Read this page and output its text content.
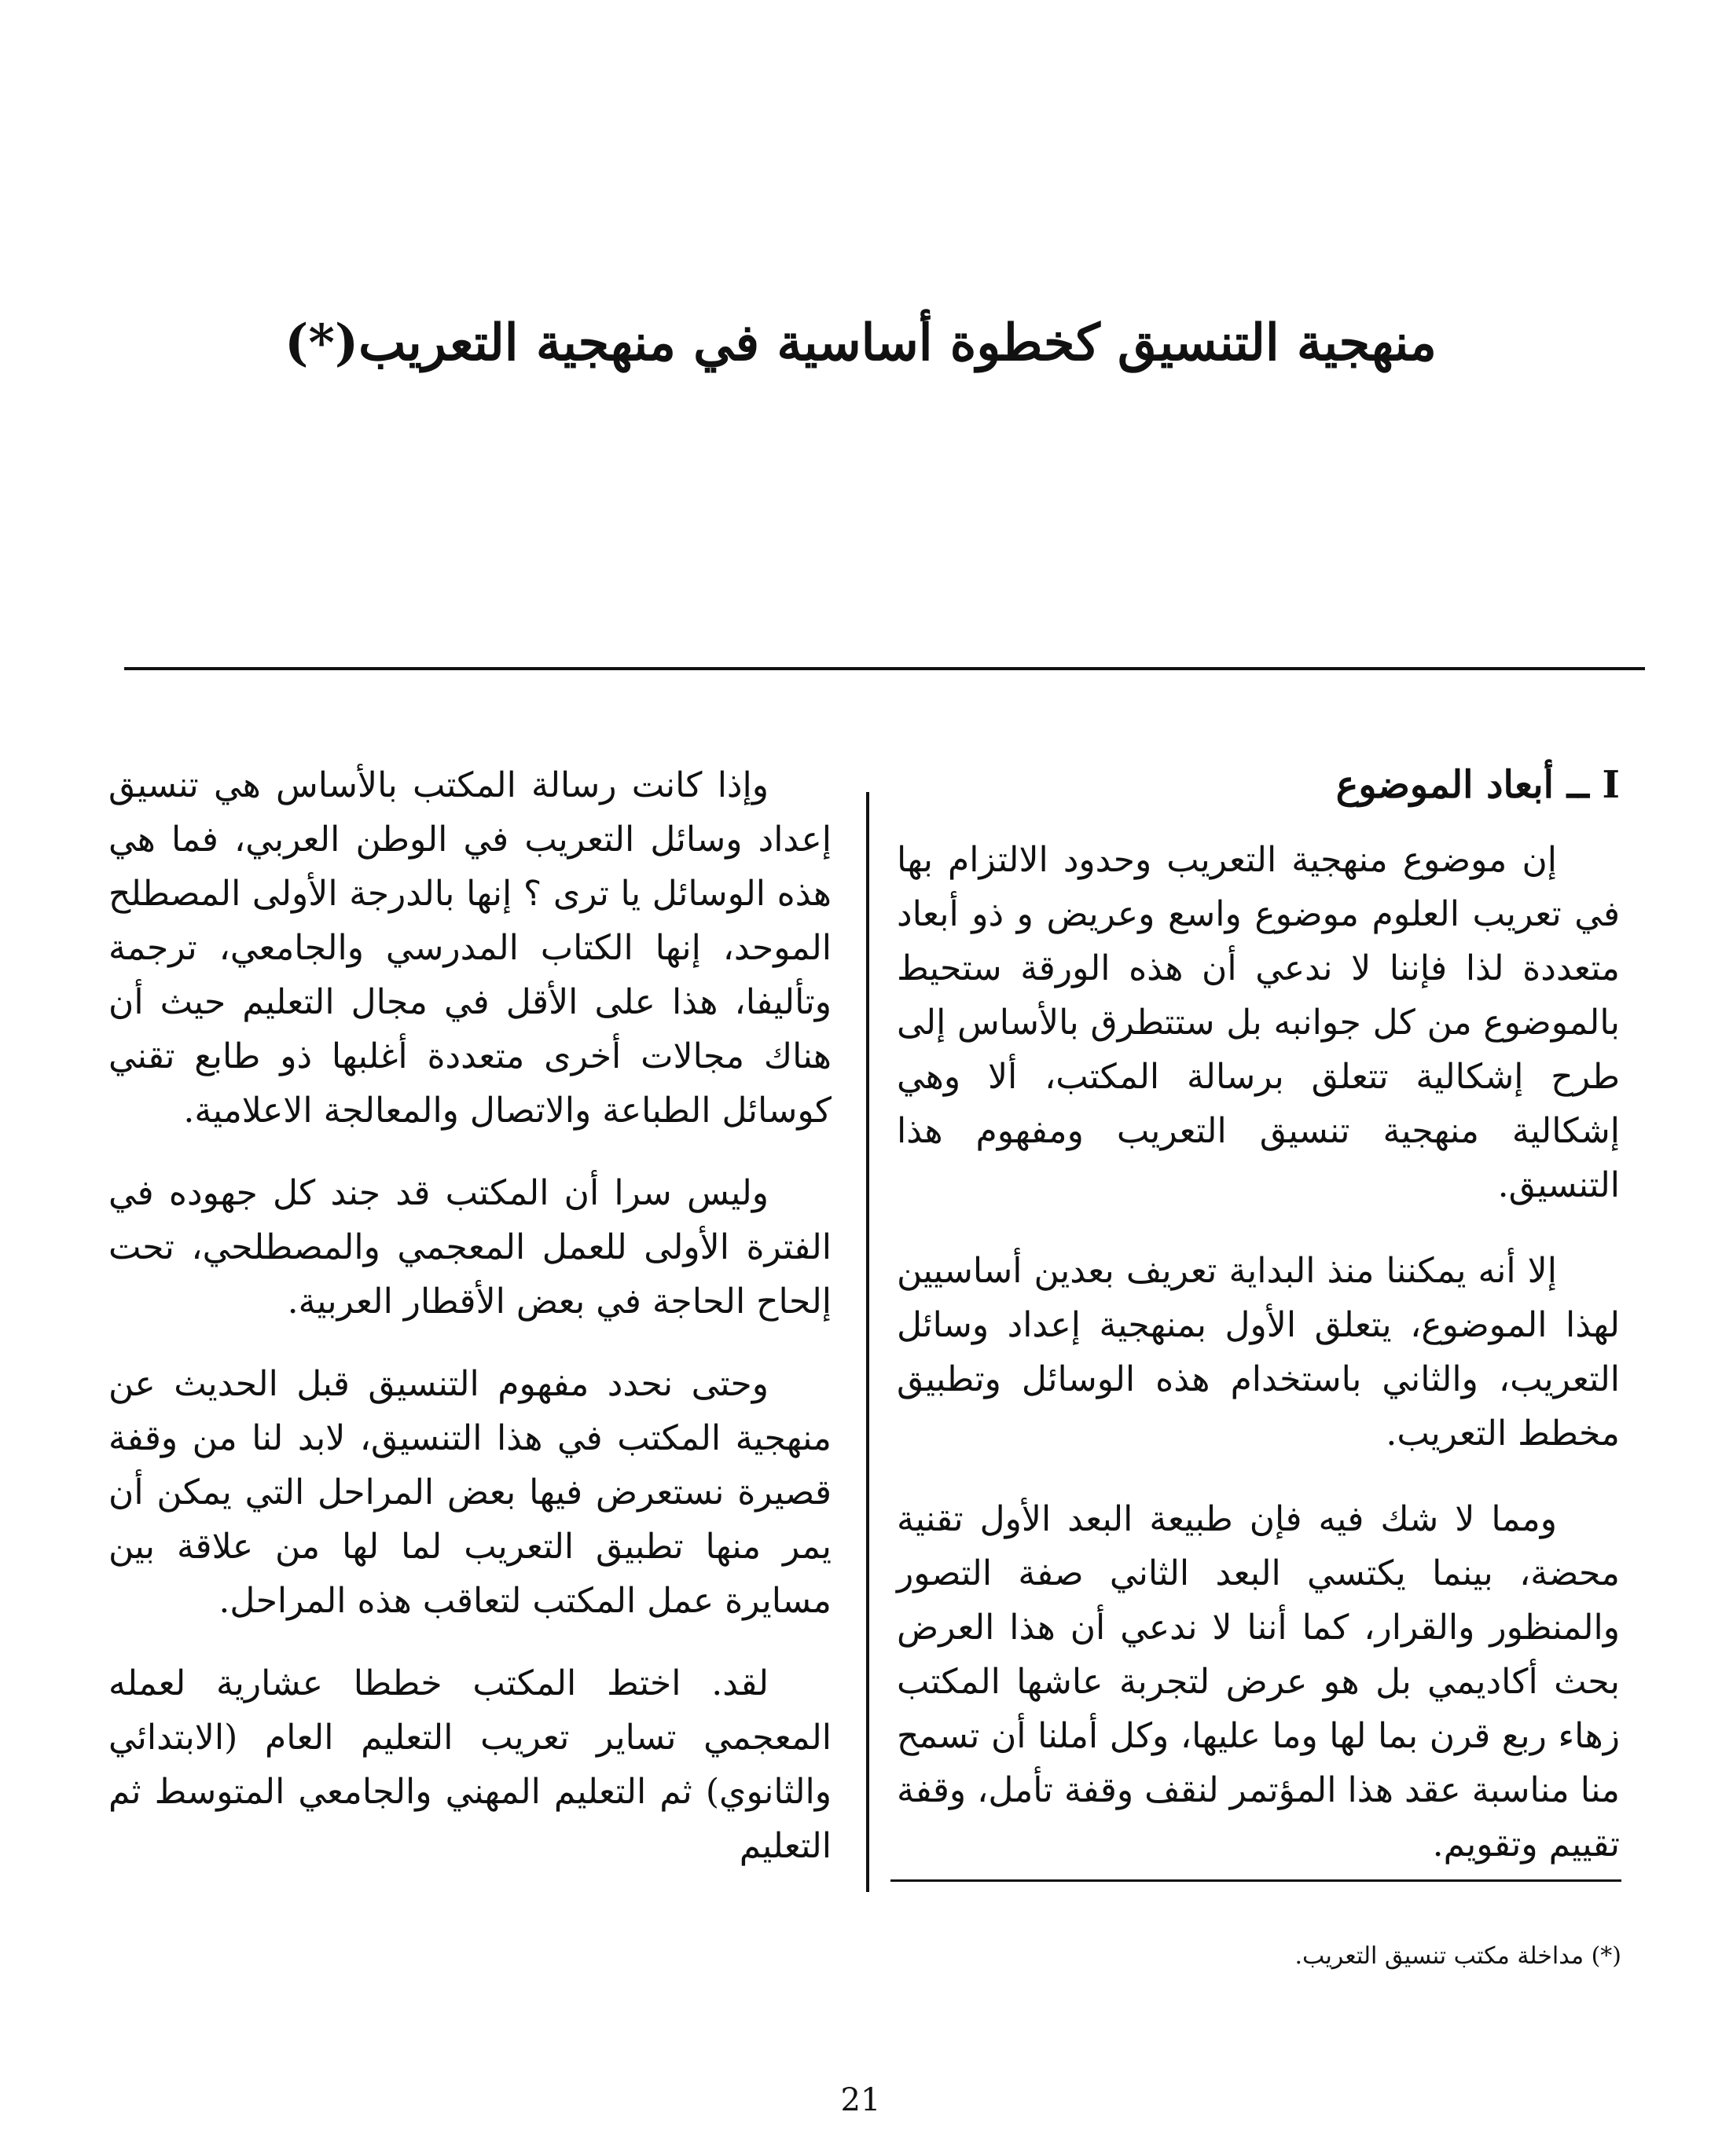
منهجية التنسيق كخطوة أساسية في منهجية التعريب(*)
I ــ أبعاد الموضوع

إن موضوع منهجية التعريب وحدود الالتزام بها في تعريب العلوم موضوع واسع وعريض و ذو أبعاد متعددة لذا فإننا لا ندعي أن هذه الورقة ستحيط بالموضوع من كل جوانبه بل ستتطرق بالأساس إلى طرح إشكالية تتعلق برسالة المكتب، ألا وهي إشكالية منهجية تنسيق التعريب ومفهوم هذا التنسيق.

إلا أنه يمكننا منذ البداية تعريف بعدين أساسيين لهذا الموضوع، يتعلق الأول بمنهجية إعداد وسائل التعريب، والثاني باستخدام هذه الوسائل وتطبيق مخطط التعريب.

ومما لا شك فيه فإن طبيعة البعد الأول تقنية محضة، بينما يكتسي البعد الثاني صفة التصور والمنظور والقرار، كما أننا لا ندعي أن هذا العرض بحث أكاديمي بل هو عرض لتجربة عاشها المكتب زهاء ربع قرن بما لها وما عليها، وكل أملنا أن تسمح منا مناسبة عقد هذا المؤتمر لنقف وقفة تأمل، وقفة تقييم وتقويم.

وإذا كانت رسالة المكتب بالأساس هي تنسيق إعداد وسائل التعريب في الوطن العربي، فما هي هذه الوسائل يا ترى ؟ إنها بالدرجة الأولى المصطلح الموحد، إنها الكتاب المدرسي والجامعي، ترجمة وتأليفا، هذا على الأقل في مجال التعليم حيث أن هناك مجالات أخرى متعددة أغلبها ذو طابع تقني كوسائل الطباعة والاتصال والمعالجة الاعلامية.

وليس سرا أن المكتب قد جند كل جهوده في الفترة الأولى للعمل المعجمي والمصطلحي، تحت إلحاح الحاجة في بعض الأقطار العربية.

وحتى نحدد مفهوم التنسيق قبل الحديث عن منهجية المكتب في هذا التنسيق، لابد لنا من وقفة قصيرة نستعرض فيها بعض المراحل التي يمكن أن يمر منها تطبيق التعريب لما لها من علاقة بين مسايرة عمل المكتب لتعاقب هذه المراحل.

لقد. اختط المكتب خططا عشارية لعمله المعجمي تساير تعريب التعليم العام (الابتدائي والثانوي) ثم التعليم المهني والجامعي المتوسط ثم التعليم

(*) مداخلة مكتب تنسيق التعريب.

21
